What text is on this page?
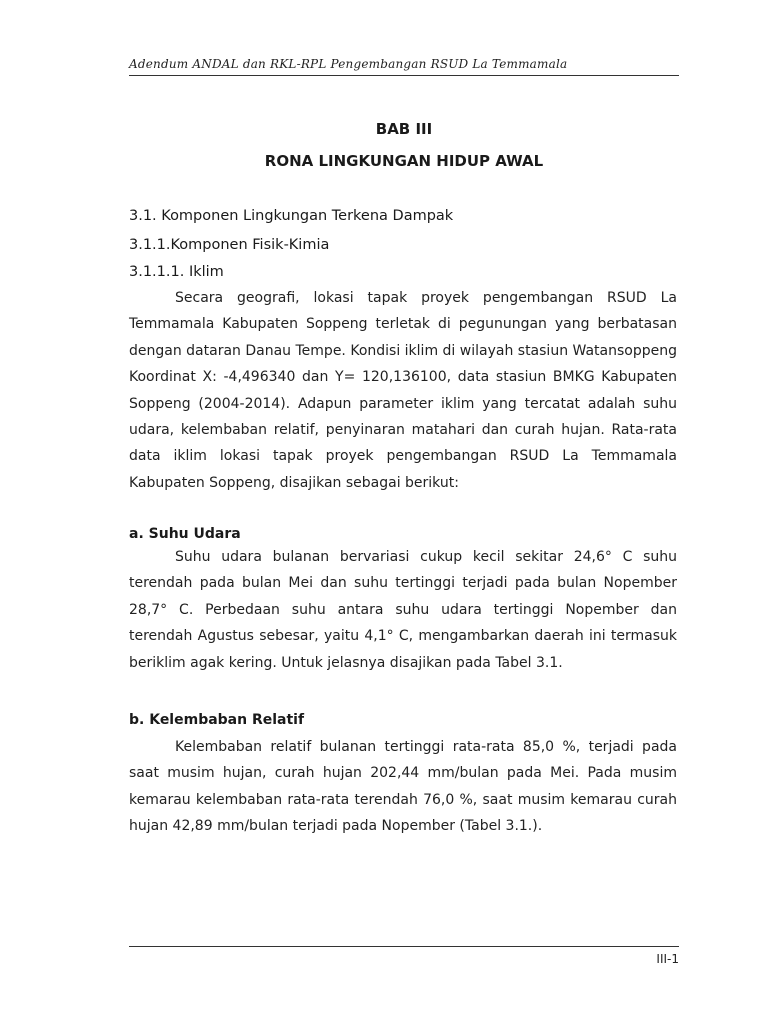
Adendum ANDAL dan RKL-RPL Pengembangan RSUD La Temmamala
BAB III
RONA LINGKUNGAN HIDUP AWAL
3.1. Komponen Lingkungan Terkena Dampak
3.1.1.Komponen Fisik-Kimia
3.1.1.1. Iklim

Secara geografi, lokasi tapak proyek pengembangan RSUD La Temmamala Kabupaten Soppeng terletak di pegunungan yang berbatasan dengan dataran Danau Tempe. Kondisi iklim di wilayah stasiun Watansoppeng Koordinat X: -4,496340 dan Y= 120,136100, data stasiun BMKG Kabupaten Soppeng (2004-2014). Adapun parameter iklim yang tercatat adalah suhu udara, kelembaban relatif, penyinaran matahari dan curah hujan. Rata-rata data iklim lokasi tapak proyek pengembangan RSUD La Temmamala Kabupaten Soppeng, disajikan sebagai berikut:

a. Suhu Udara

Suhu udara bulanan bervariasi cukup kecil sekitar 24,6° C suhu terendah pada bulan Mei dan suhu tertinggi terjadi pada bulan Nopember 28,7° C. Perbedaan suhu antara suhu udara tertinggi Nopember dan terendah Agustus sebesar, yaitu 4,1° C, mengambarkan daerah ini termasuk beriklim agak kering. Untuk jelasnya disajikan pada Tabel 3.1.

b. Kelembaban Relatif

Kelembaban relatif bulanan tertinggi rata-rata 85,0 %, terjadi pada saat musim hujan, curah hujan 202,44 mm/bulan pada Mei. Pada musim kemarau kelembaban rata-rata terendah 76,0 %, saat musim kemarau curah hujan 42,89 mm/bulan terjadi pada Nopember (Tabel 3.1.).

III-1
